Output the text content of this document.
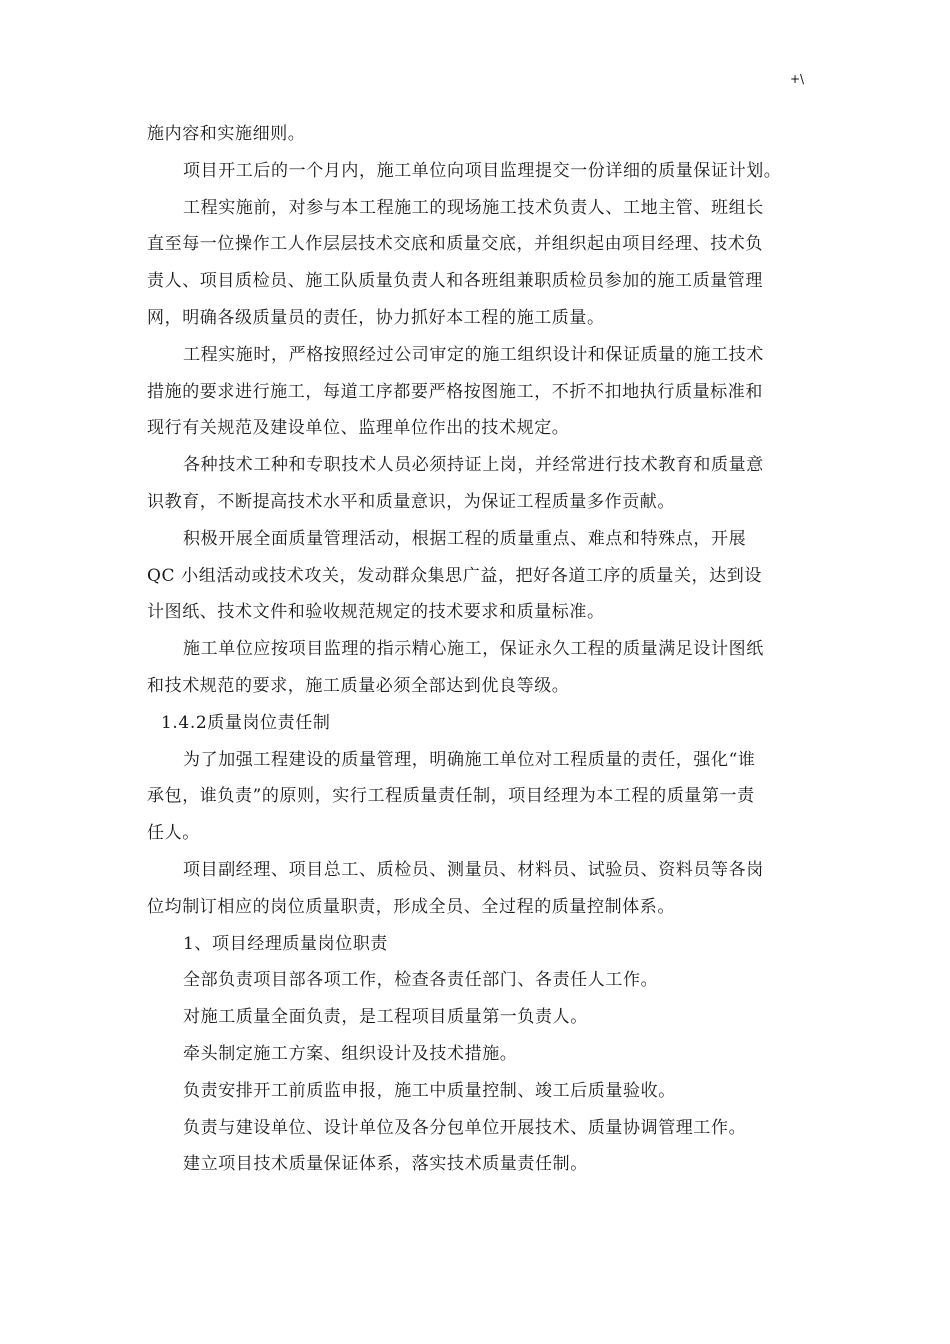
+\
施内容和实施细则。
项目开工后的一个月内，施工单位向项目监理提交一份详细的质量保证计划。
工程实施前，对参与本工程施工的现场施工技术负责人、工地主管、班组长
直至每一位操作工人作层层技术交底和质量交底，并组织起由项目经理、技术负
责人、项目质检员、施工队质量负责人和各班组兼职质检员参加的施工质量管理
网，明确各级质量员的责任，协力抓好本工程的施工质量。
工程实施时，严格按照经过公司审定的施工组织设计和保证质量的施工技术
措施的要求进行施工，每道工序都要严格按图施工，不折不扣地执行质量标准和
现行有关规范及建设单位、监理单位作出的技术规定。
各种技术工种和专职技术人员必须持证上岗，并经常进行技术教育和质量意
识教育，不断提高技术水平和质量意识，为保证工程质量多作贡献。
积极开展全面质量管理活动，根据工程的质量重点、难点和特殊点，开展
QC 小组活动或技术攻关，发动群众集思广益，把好各道工序的质量关，达到设
计图纸、技术文件和验收规范规定的技术要求和质量标准。
施工单位应按项目监理的指示精心施工，保证永久工程的质量满足设计图纸
和技术规范的要求，施工质量必须全部达到优良等级。
1.4.2质量岗位责任制
为了加强工程建设的质量管理，明确施工单位对工程质量的责任，强化“谁
承包，谁负责”的原则，实行工程质量责任制，项目经理为本工程的质量第一责
任人。
项目副经理、项目总工、质检员、测量员、材料员、试验员、资料员等各岗
位均制订相应的岗位质量职责，形成全员、全过程的质量控制体系。
1、项目经理质量岗位职责
全部负责项目部各项工作，检查各责任部门、各责任人工作。
对施工质量全面负责，是工程项目质量第一负责人。
牵头制定施工方案、组织设计及技术措施。
负责安排开工前质监申报，施工中质量控制、竣工后质量验收。
负责与建设单位、设计单位及各分包单位开展技术、质量协调管理工作。
建立项目技术质量保证体系，落实技术质量责任制。
